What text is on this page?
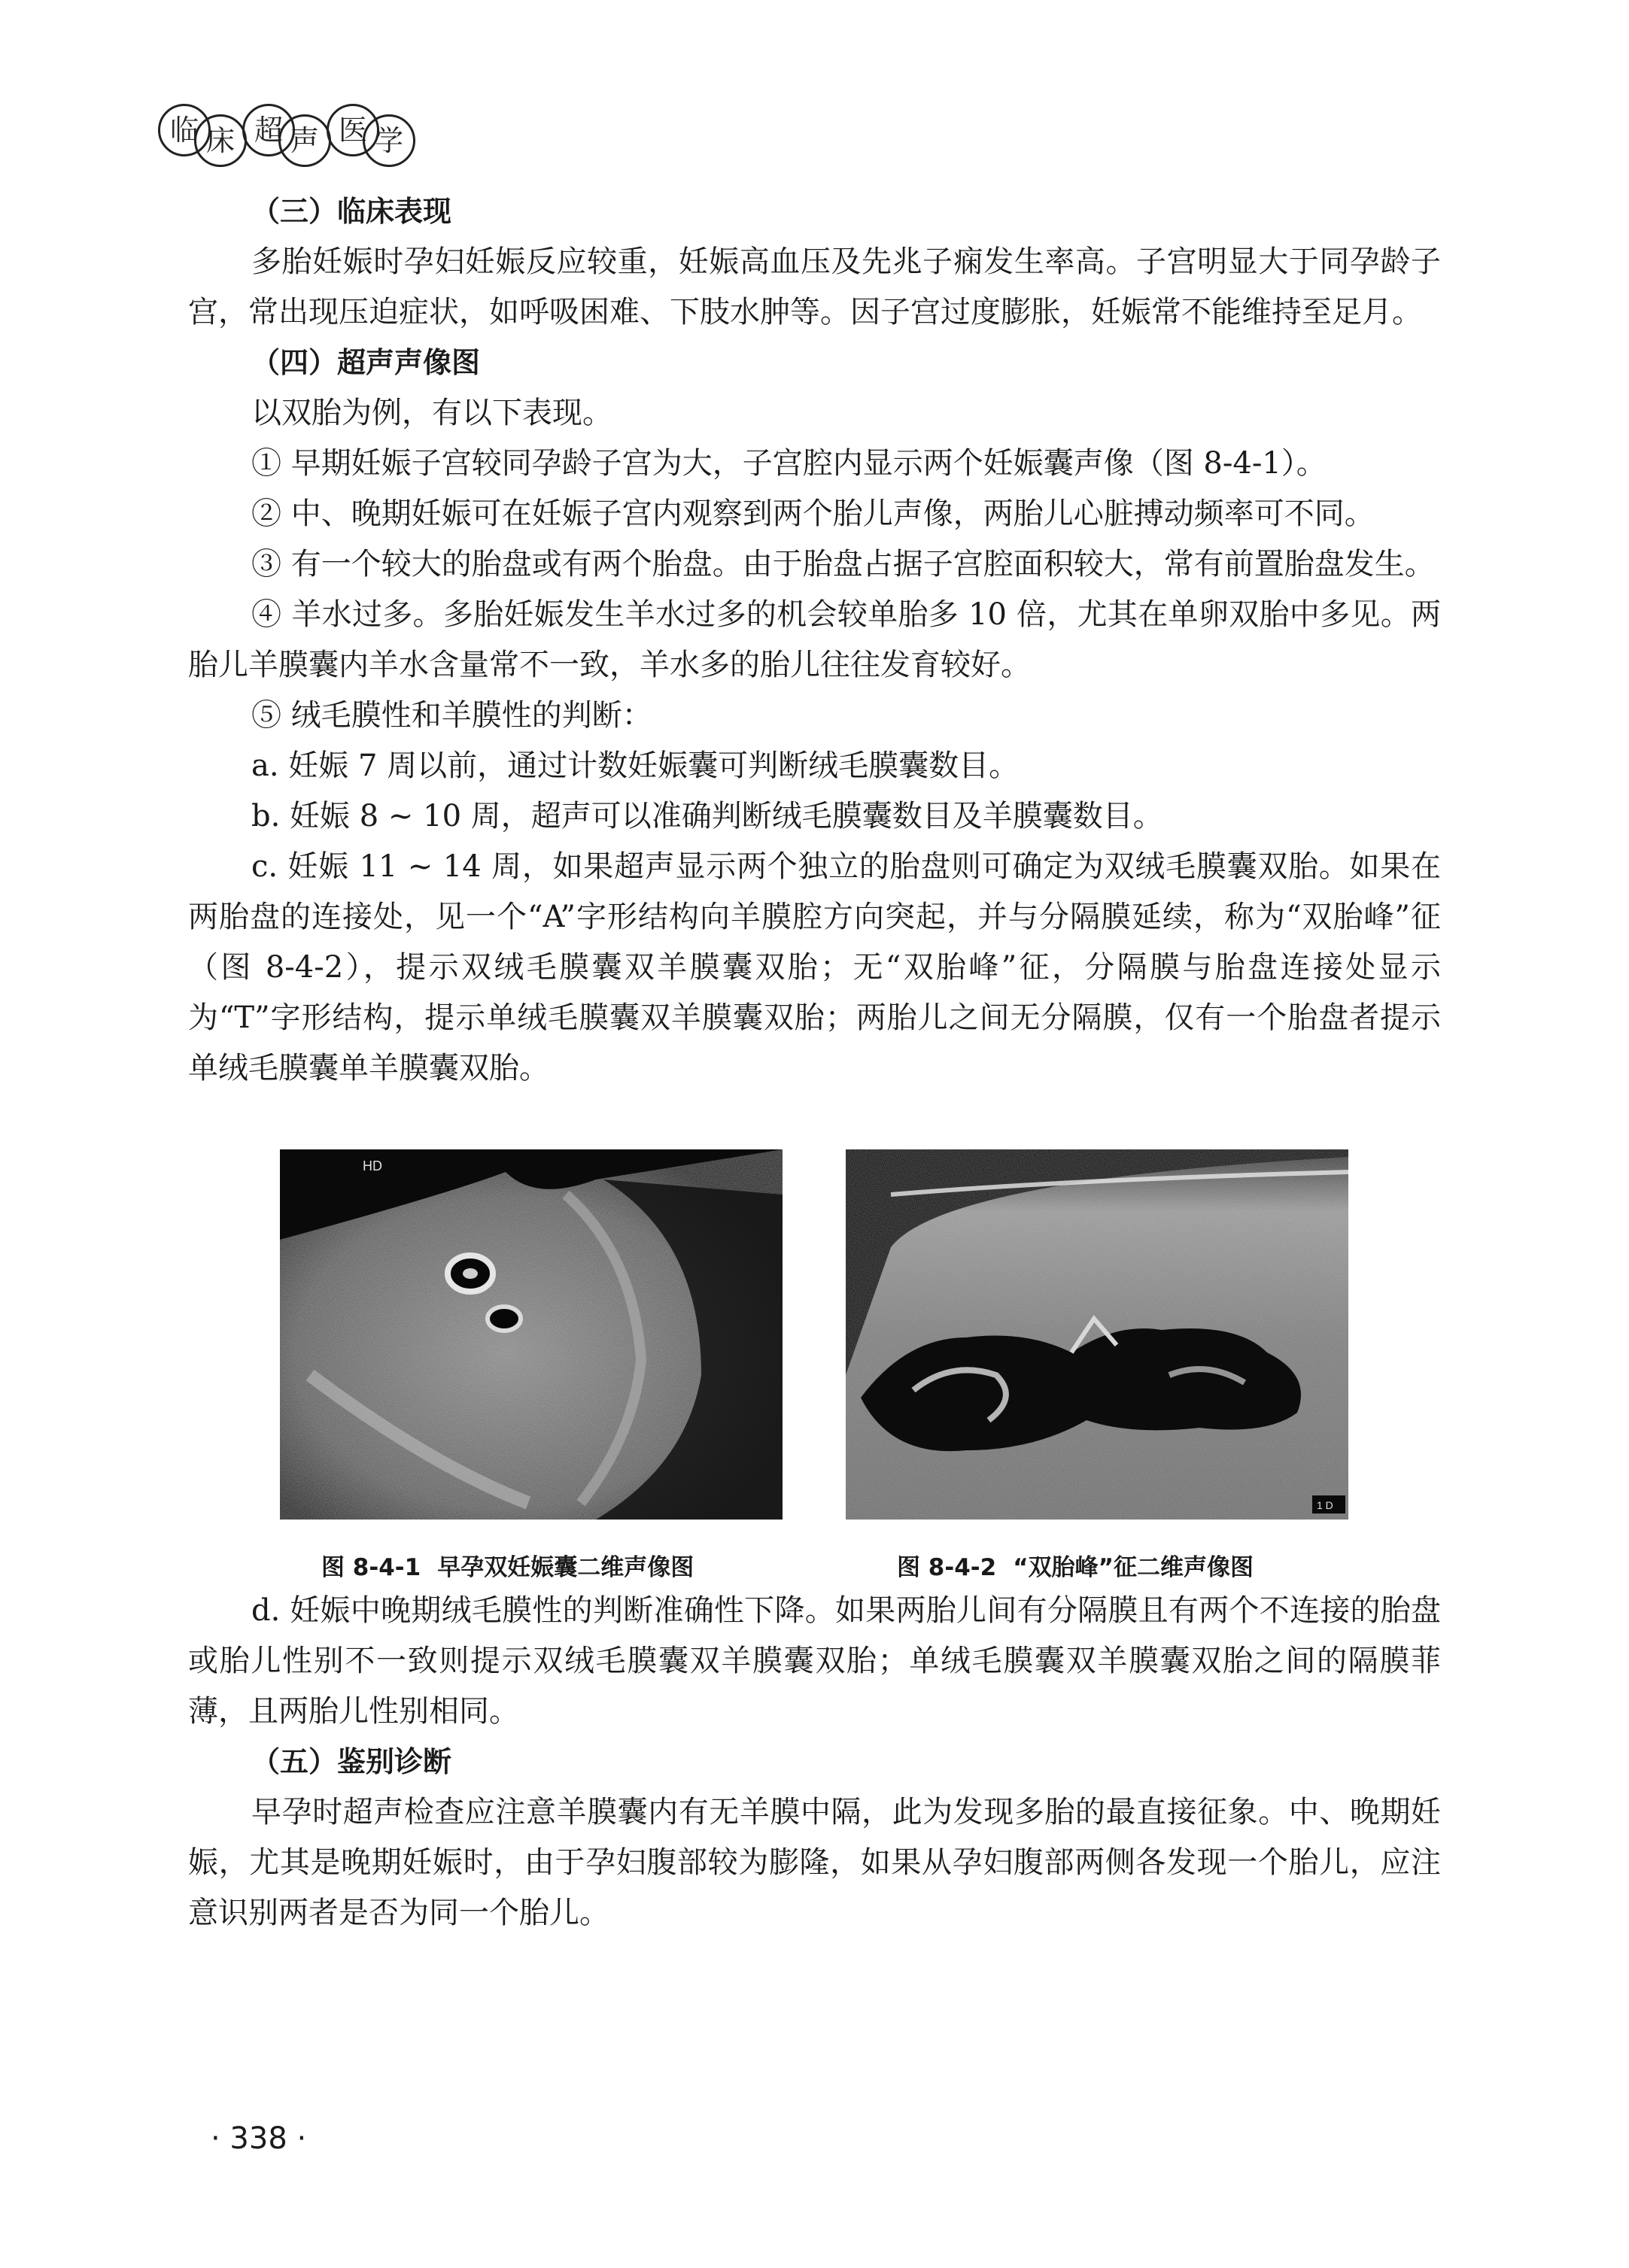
临 床 超 声 医 学
（三）临床表现

多胎妊娠时孕妇妊娠反应较重，妊娠高血压及先兆子痫发生率高。子宫明显大于同孕龄子宫，常出现压迫症状，如呼吸困难、下肢水肿等。因子宫过度膨胀，妊娠常不能维持至足月。

（四）超声声像图

以双胎为例，有以下表现。

① 早期妊娠子宫较同孕龄子宫为大，子宫腔内显示两个妊娠囊声像（图 8-4-1）。

② 中、晚期妊娠可在妊娠子宫内观察到两个胎儿声像，两胎儿心脏搏动频率可不同。

③ 有一个较大的胎盘或有两个胎盘。由于胎盘占据子宫腔面积较大，常有前置胎盘发生。

④ 羊水过多。多胎妊娠发生羊水过多的机会较单胎多 10 倍，尤其在单卵双胎中多见。两胎儿羊膜囊内羊水含量常不一致，羊水多的胎儿往往发育较好。

⑤ 绒毛膜性和羊膜性的判断：

a. 妊娠 7 周以前，通过计数妊娠囊可判断绒毛膜囊数目。

b. 妊娠 8 ~ 10 周，超声可以准确判断绒毛膜囊数目及羊膜囊数目。

c. 妊娠 11 ~ 14 周，如果超声显示两个独立的胎盘则可确定为双绒毛膜囊双胎。如果在两胎盘的连接处，见一个“A”字形结构向羊膜腔方向突起，并与分隔膜延续，称为“双胎峰”征（图 8-4-2），提示双绒毛膜囊双羊膜囊双胎；无“双胎峰”征，分隔膜与胎盘连接处显示为“T”字形结构，提示单绒毛膜囊双羊膜囊双胎；两胎儿之间无分隔膜，仅有一个胎盘者提示单绒毛膜囊单羊膜囊双胎。

HD
1 D
图 8-4-1 早孕双妊娠囊二维声像图	图 8-4-2 “双胎峰”征二维声像图

d. 妊娠中晚期绒毛膜性的判断准确性下降。如果两胎儿间有分隔膜且有两个不连接的胎盘或胎儿性别不一致则提示双绒毛膜囊双羊膜囊双胎；单绒毛膜囊双羊膜囊双胎之间的隔膜菲薄，且两胎儿性别相同。

（五）鉴别诊断

早孕时超声检查应注意羊膜囊内有无羊膜中隔，此为发现多胎的最直接征象。中、晚期妊娠，尤其是晚期妊娠时，由于孕妇腹部较为膨隆，如果从孕妇腹部两侧各发现一个胎儿，应注意识别两者是否为同一个胎儿。

· 338 ·
